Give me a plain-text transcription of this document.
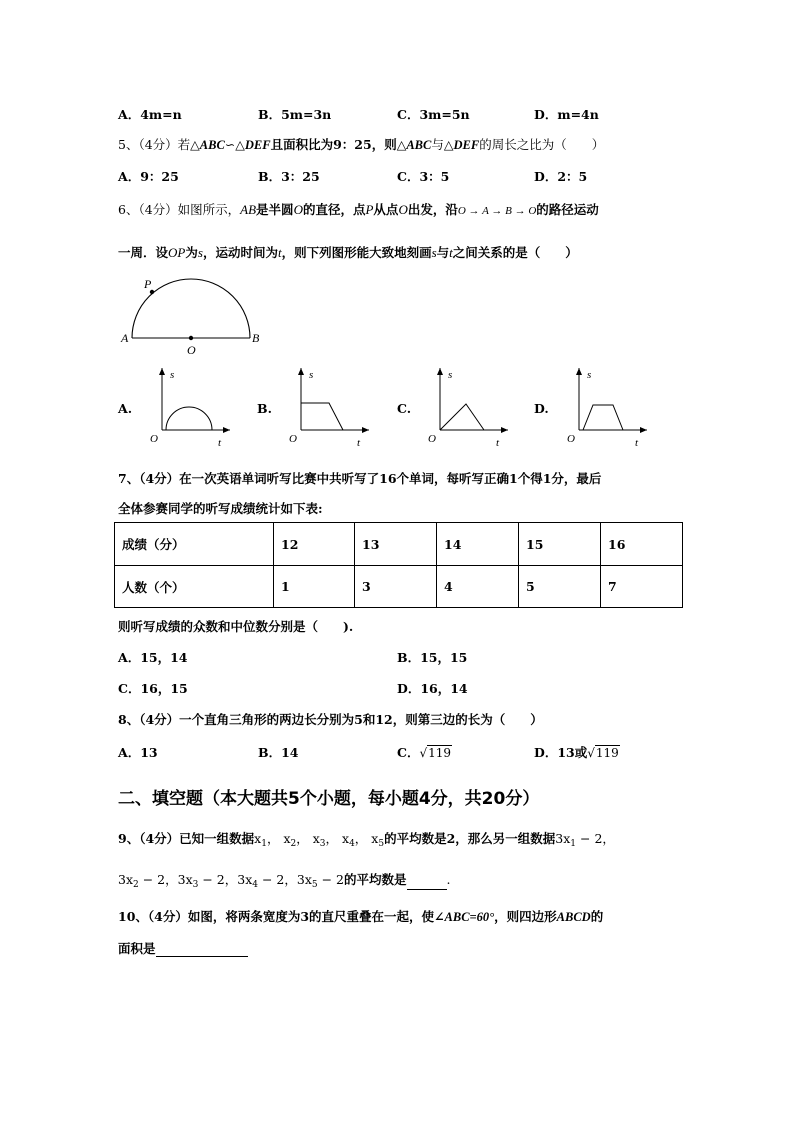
A．4m=n	B．5m=3n	C．3m=5n	D．m=4n
5、（4分）若△ABC∽△DEF且面积比为9：25，则△ABC与△DEF的周长之比为（　　）
A．9：25	B．3：25	C．3：5	D．2：5
6、（4分）如图所示，AB是半圆O的直径，点P从点O出发，沿O → A → B → O的路径运动
一周．设OP为s，运动时间为t，则下列图形能大致地刻画s与t之间关系的是（　　）
P
A
O
B
A.
s
t
O
B.
s
t
O
C.
s
t
O
D.
s
t
O
7、（4分）在一次英语单词听写比赛中共听写了16个单词，每听写正确1个得1分，最后
全体参赛同学的听写成绩统计如下表:
成绩（分）	12	13	14	15	16
人数（个）	1	3	4	5	7
则听写成绩的众数和中位数分别是（　　).
A．15，14	B．15，15
C．16，15	D．16，14
8、（4分）一个直角三角形的两边长分别为5和12，则第三边的长为（　　）
A．13	B．14	C．√119	D．13或√119
二、填空题（本大题共5个小题，每小题4分，共20分）
9、（4分）已知一组数据$x_1$， $x_2$， $x_3$， $x_4$， $x_5$的平均数是2，那么另一组数据$3x_1 - 2$，
$3x_2 - 2$，$3x_3 - 2$，$3x_4 - 2$，$3x_5 - 2$的平均数是	.
10、（4分）如图，将两条宽度为3的直尺重叠在一起，使∠ABC=60°，则四边形ABCD的
面积是
